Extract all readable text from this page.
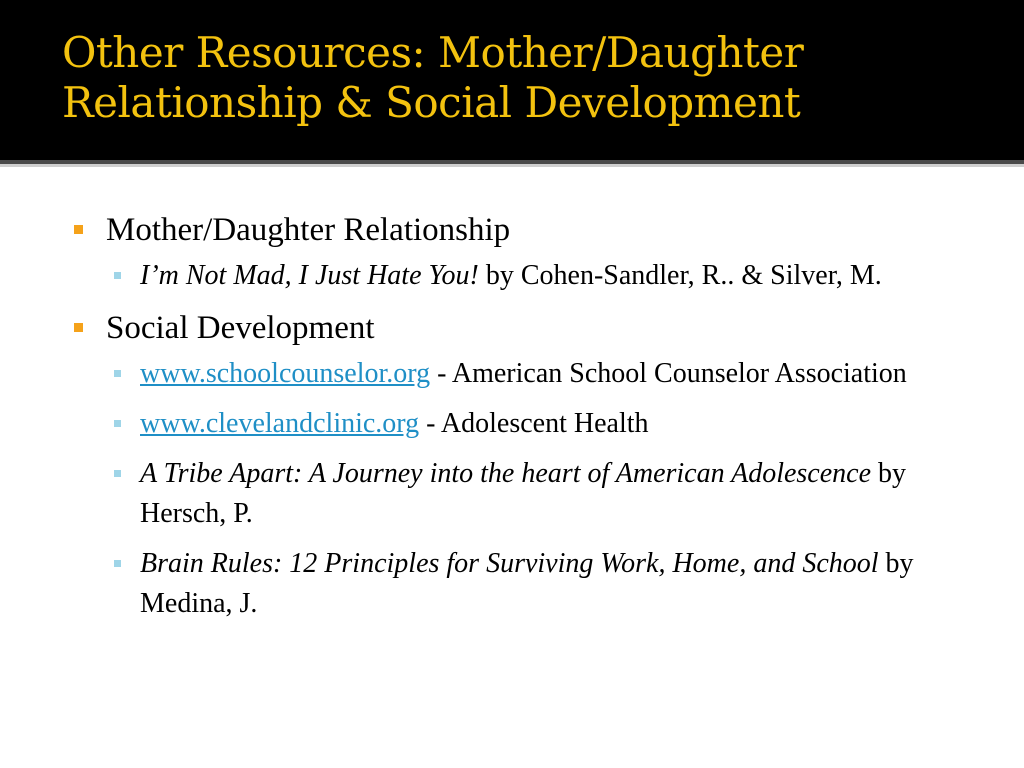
Other Resources: Mother/Daughter
Relationship & Social Development
Mother/Daughter Relationship
I’m Not Mad, I Just Hate You! by Cohen-Sandler, R.. & Silver, M.
Social Development
www.schoolcounselor.org - American School Counselor Association
www.clevelandclinic.org - Adolescent Health
A Tribe Apart: A Journey into the heart of American Adolescence by Hersch, P.
Brain Rules: 12 Principles for Surviving Work, Home, and School by Medina, J.
